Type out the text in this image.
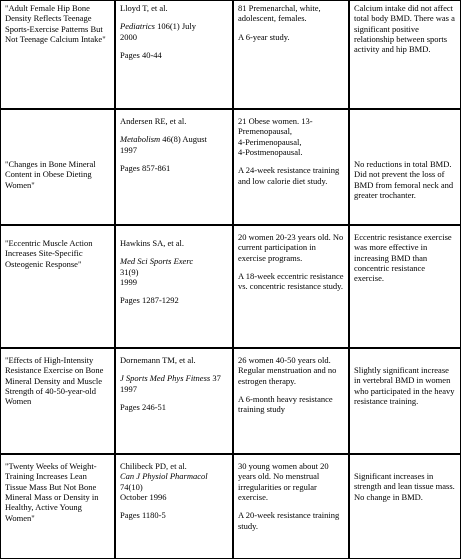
"Adult Female Hip Bone Density Reflects Teenage Sports-Exercise Patterns But Not Teenage Calcium Intake"

Lloyd T, et al.

Pediatrics 106(1) July
2000

Pages 40-44

81 Premenarchal, white, adolescent, females.

A 6-year study.

Calcium intake did not affect total body BMD. There was a significant positive relationship between sports activity and hip BMD.

"Changes in Bone Mineral Content in Obese Dieting Women"

Andersen RE, et al.

Metabolism 46(8) August
1997

Pages 857-861

21 Obese women. 13-Premenopausal,
4-Perimenopausal,
4-Postmenopausal.

A 24-week resistance training and low calorie diet study.

No reductions in total BMD. Did not prevent the loss of BMD from femoral neck and greater trochanter.

"Eccentric Muscle Action Increases Site-Specific Osteogenic Response"

Hawkins SA, et al.

Med Sci Sports Exerc
31(9)
1999

Pages 1287-1292

20 women 20-23 years old. No current participation in exercise programs.

A 18-week eccentric resistance vs. concentric resistance study.

Eccentric resistance exercise was more effective in increasing BMD than concentric resistance exercise.

"Effects of High-Intensity Resistance Exercise on Bone Mineral Density and Muscle Strength of 40-50-year-old Women

Dornemann TM, et al.

J Sports Med Phys Fitness 37
1997

Pages 246-51

26 women 40-50 years old. Regular menstruation and no estrogen therapy.

A 6-month heavy resistance training study

Slightly significant increase in vertebral BMD in women who participated in the heavy resistance training.

"Twenty Weeks of Weight-Training Increases Lean Tissue Mass But Not Bone Mineral Mass or Density in Healthy, Active Young Women"

Chilibeck PD, et al.

Can J Physiol Pharmacol
74(10)
October 1996

Pages 1180-5

30 young women about 20 years old. No menstrual irregularities or regular exercise.

A 20-week resistance training study.

Significant increases in strength and lean tissue mass. No change in BMD.
